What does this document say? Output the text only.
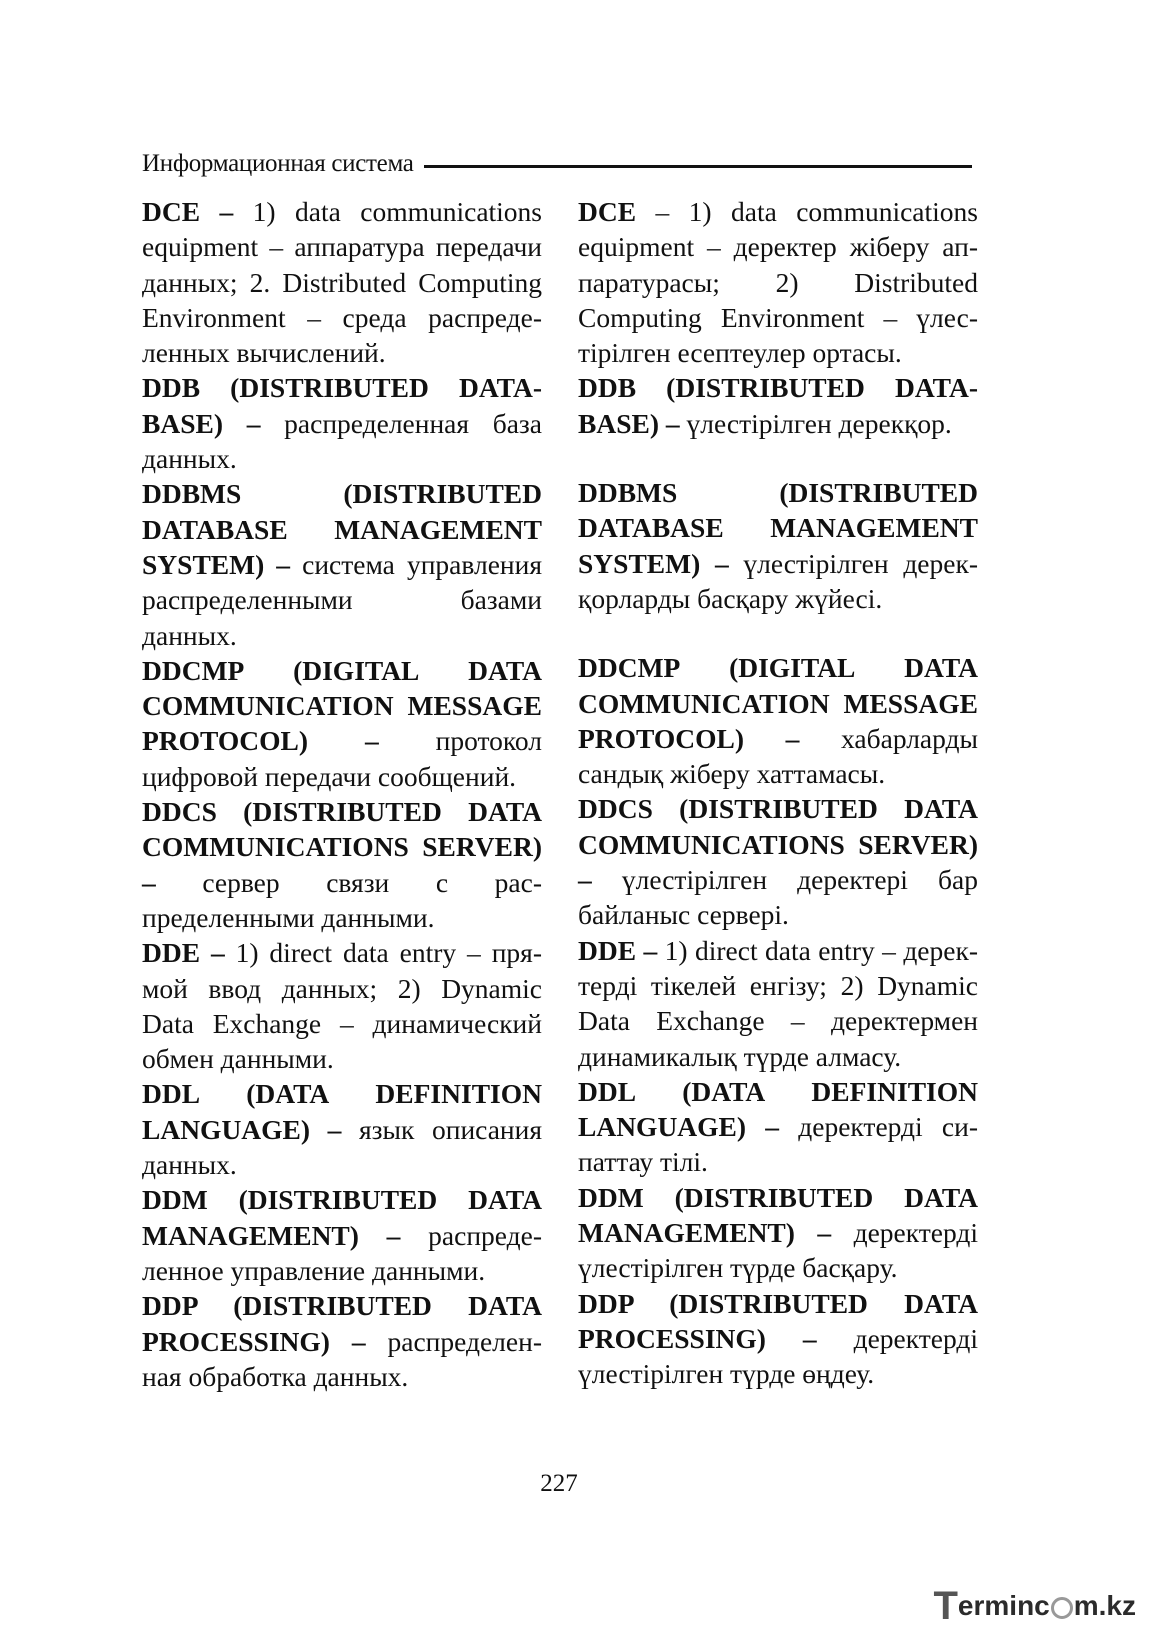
Информационная система

DCE – 1) data communications equipment – аппаратура передачи данных; 2. Distributed Computing Environment – среда распределенных вычислений.

DDB (DISTRIBUTED DATABASE) – распределенная база данных.

DDBMS (DISTRIBUTED DATABASE MANAGEMENT SYSTEM) – система управления распределенными базами данных.

DDCMP (DIGITAL DATA COMMUNICATION MESSAGE PROTOCOL) – протокол цифровой передачи сообщений.

DDCS (DISTRIBUTED DATA COMMUNICATIONS SERVER) – сервер связи с распределенными данными.

DDE – 1) direct data entry – прямой ввод данных; 2) Dynamic Data Exchange – динамический обмен данными.

DDL (DATA DEFINITION LANGUAGE) – язык описания данных.

DDM (DISTRIBUTED DATA MANAGEMENT) – распределенное управление данными.

DDP (DISTRIBUTED DATA PROCESSING) – распределенная обработка данных.

DCE – 1) data communications equipment – деректер жіберу аппаратурасы; 2) Distributed Computing Environment – үлестірілген есептеулер ортасы.

DDB (DISTRIBUTED DATABASE) – үлестірілген дерекқор.

DDBMS (DISTRIBUTED DATABASE MANAGEMENT SYSTEM) – үлестірілген дерекқорларды басқару жүйесі.

DDCMP (DIGITAL DATA COMMUNICATION MESSAGE PROTOCOL) – хабарларды сандық жіберу хаттамасы.

DDCS (DISTRIBUTED DATA COMMUNICATIONS SERVER) – үлестірілген деректері бар байланыс сервері.

DDE – 1) direct data entry – деректерді тікелей енгізу; 2) Dynamic Data Exchange – деректермен динамикалық түрде алмасу.

DDL (DATA DEFINITION LANGUAGE) – деректерді сипаттау тілі.

DDM (DISTRIBUTED DATA MANAGEMENT) – деректерді үлестірілген түрде басқару.

DDP (DISTRIBUTED DATA PROCESSING) – деректерді үлестірілген түрде өңдеу.

227
T erminc m.kz
